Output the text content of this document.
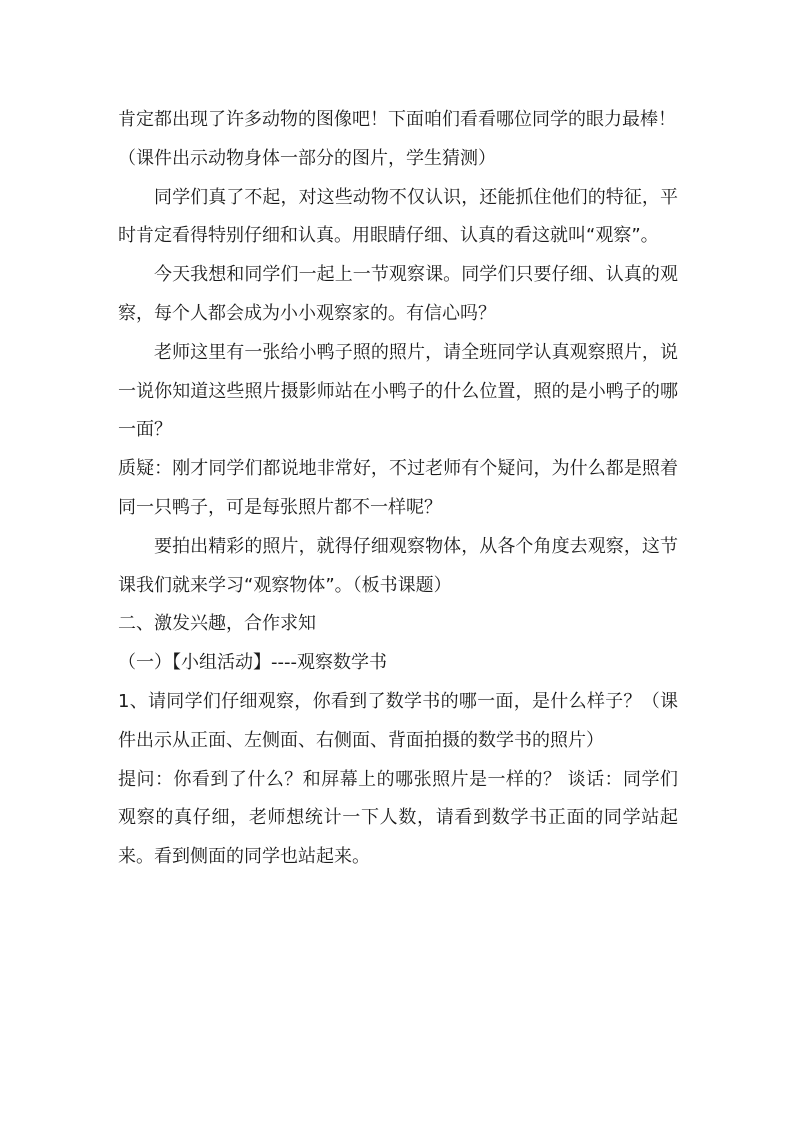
肯定都出现了许多动物的图像吧！下面咱们看看哪位同学的眼力最棒！

（课件出示动物身体一部分的图片，学生猜测）

同学们真了不起，对这些动物不仅认识，还能抓住他们的特征，平时肯定看得特别仔细和认真。用眼睛仔细、认真的看这就叫“观察”。

今天我想和同学们一起上一节观察课。同学们只要仔细、认真的观察，每个人都会成为小小观察家的。有信心吗？

老师这里有一张给小鸭子照的照片，请全班同学认真观察照片，说一说你知道这些照片摄影师站在小鸭子的什么位置，照的是小鸭子的哪一面？

质疑：刚才同学们都说地非常好，不过老师有个疑问，为什么都是照着同一只鸭子，可是每张照片都不一样呢？

要拍出精彩的照片，就得仔细观察物体，从各个角度去观察，这节课我们就来学习“观察物体”。（板书课题）

二、激发兴趣，合作求知

（一）【小组活动】----观察数学书

1、请同学们仔细观察，你看到了数学书的哪一面，是什么样子？（课件出示从正面、左侧面、右侧面、背面拍摄的数学书的照片）

提问：你看到了什么？和屏幕上的哪张照片是一样的？ 谈话：同学们观察的真仔细，老师想统计一下人数，请看到数学书正面的同学站起来。看到侧面的同学也站起来。
